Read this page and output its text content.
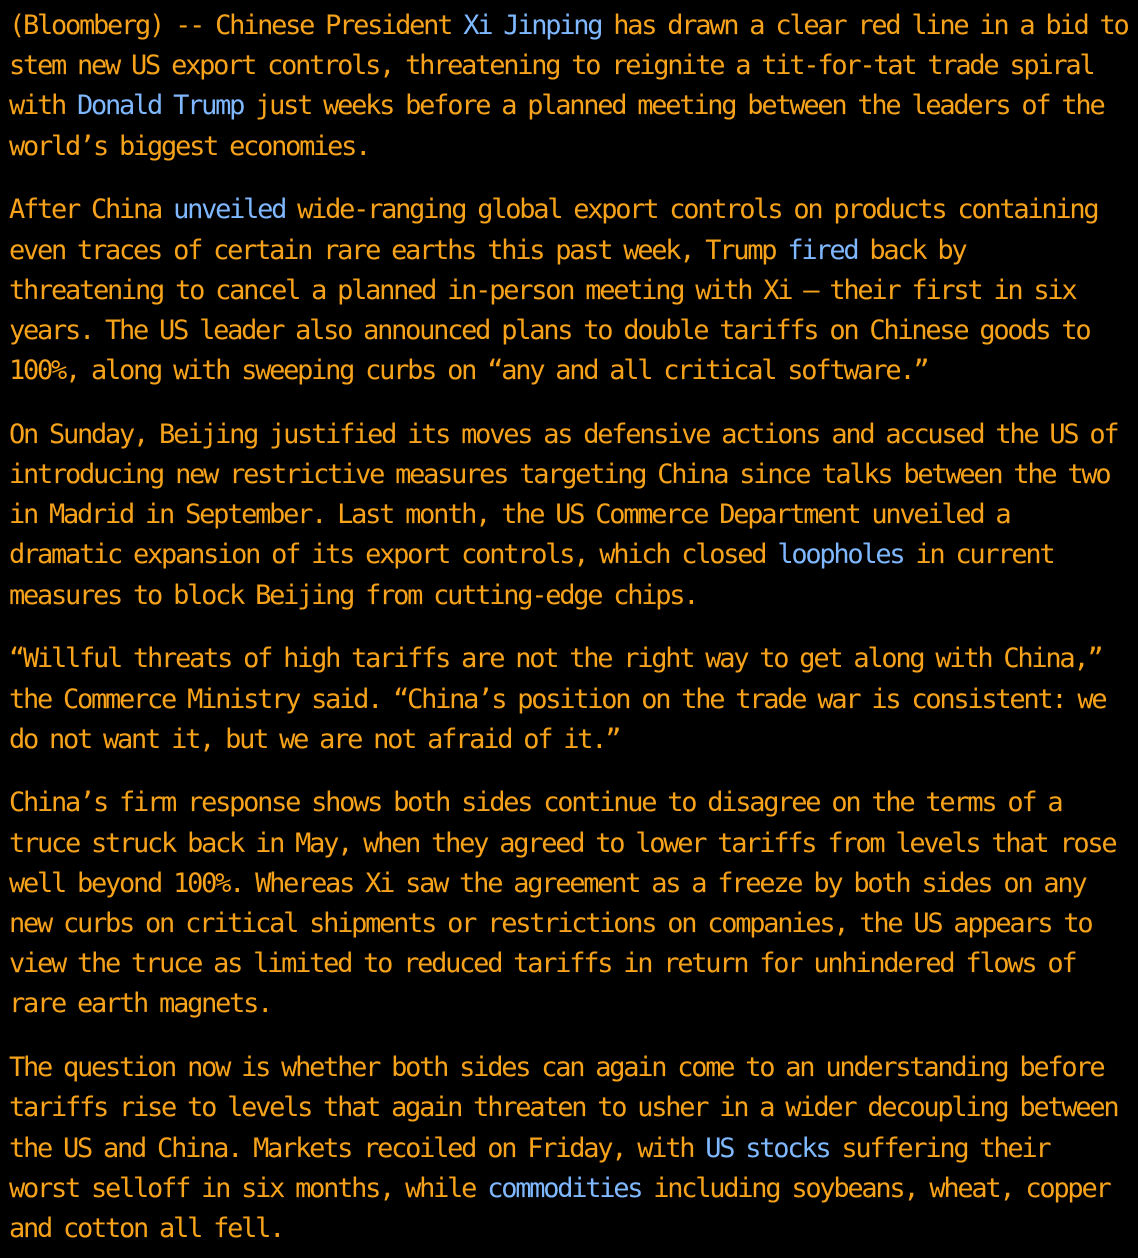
(Bloomberg) -- Chinese President Xi Jinping has drawn a clear red line in a bid to stem new US export controls, threatening to reignite a tit-for-tat trade spiral with Donald Trump just weeks before a planned meeting between the leaders of the world’s biggest economies.

After China unveiled wide-ranging global export controls on products containing even traces of certain rare earths this past week, Trump fired back by threatening to cancel a planned in-person meeting with Xi — their first in six years. The US leader also announced plans to double tariffs on Chinese goods to 100%, along with sweeping curbs on “any and all critical software.”

On Sunday, Beijing justified its moves as defensive actions and accused the US of introducing new restrictive measures targeting China since talks between the two in Madrid in September. Last month, the US Commerce Department unveiled a dramatic expansion of its export controls, which closed loopholes in current measures to block Beijing from cutting-edge chips.

“Willful threats of high tariffs are not the right way to get along with China,” the Commerce Ministry said. “China’s position on the trade war is consistent: we do not want it, but we are not afraid of it.”

China’s firm response shows both sides continue to disagree on the terms of a truce struck back in May, when they agreed to lower tariffs from levels that rose well beyond 100%. Whereas Xi saw the agreement as a freeze by both sides on any new curbs on critical shipments or restrictions on companies, the US appears to view the truce as limited to reduced tariffs in return for unhindered flows of rare earth magnets.

The question now is whether both sides can again come to an understanding before tariffs rise to levels that again threaten to usher in a wider decoupling between the US and China. Markets recoiled on Friday, with US stocks suffering their worst selloff in six months, while commodities including soybeans, wheat, copper and cotton all fell.
